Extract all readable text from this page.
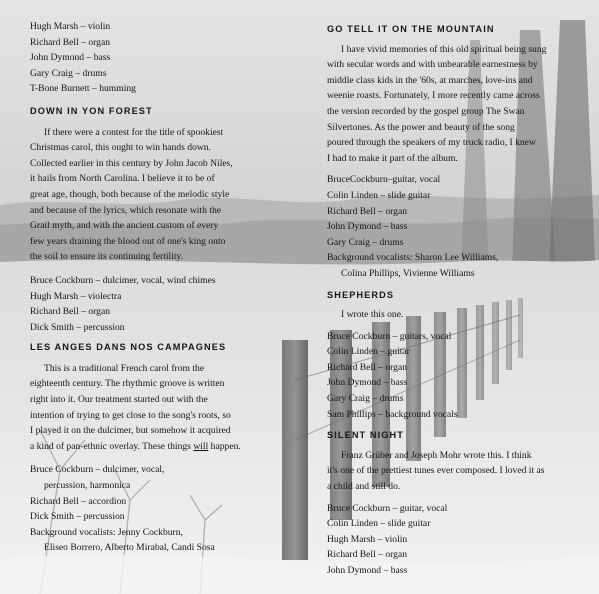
Hugh Marsh – violin
Richard Bell – organ
John Dymond – bass
Gary Craig – drums
T-Bone Burnett – humming
DOWN IN YON FOREST
If there were a contest for the title of spookiest
Christmas carol, this ought to win hands down.
Collected earlier in this century by John Jacob Niles,
it hails from North Carolina. I believe it to be of
great age, though, both because of the melodic style
and because of the lyrics, which resonate with the
Grail myth, and with the ancient custom of every
few years draining the blood out of one's king onto
the soil to ensure its continuing fertility.
Bruce Cockburn – dulcimer, vocal, wind chimes
Hugh Marsh – violectra
Richard Bell – organ
Dick Smith – percussion
LES ANGES DANS NOS CAMPAGNES
This is a traditional French carol from the
eighteenth century. The rhythmic groove is written
right into it. Our treatment started out with the
intention of trying to get close to the song's roots, so
I played it on the dulcimer, but somehow it acquired
a kind of pan-ethnic overlay. These things will happen.
Bruce Cockburn – dulcimer, vocal,
percussion, harmonica
Richard Bell – accordion
Dick Smith – percussion
Background vocalists: Jenny Cockburn,
Eliseo Borrero, Alberto Mirabal, Candi Sosa
GO TELL IT ON THE MOUNTAIN
I have vivid memories of this old spiritual being sung
with secular words and with unbearable earnestness by
middle class kids in the '60s, at marches, love-ins and
weenie roasts. Fortunately, I more recently came across
the version recorded by the gospel group The Swan
Silvertones. As the power and beauty of the song
poured through the speakers of my truck radio, I knew
I had to make it part of the album.
BruceCockburn–guitar, vocal
Colin Linden – slide guitar
Richard Bell – organ
John Dymond – bass
Gary Craig – drums
Background vocalists: Sharon Lee Williams,
Colina Phillips, Vivienne Williams
SHEPHERDS
I wrote this one.
Bruce Cockburn – guitars, vocal
Colin Linden – guitar
Richard Bell – organ
John Dymond – bass
Gary Craig – drums
Sam Phillips – background vocals
SILENT NIGHT
Franz Grüber and Joseph Mohr wrote this. I think
it's one of the prettiest tunes ever composed. I loved it as
a child and still do.
Bruce Cockburn – guitar, vocal
Colin Linden – slide guitar
Hugh Marsh – violin
Richard Bell – organ
John Dymond – bass
